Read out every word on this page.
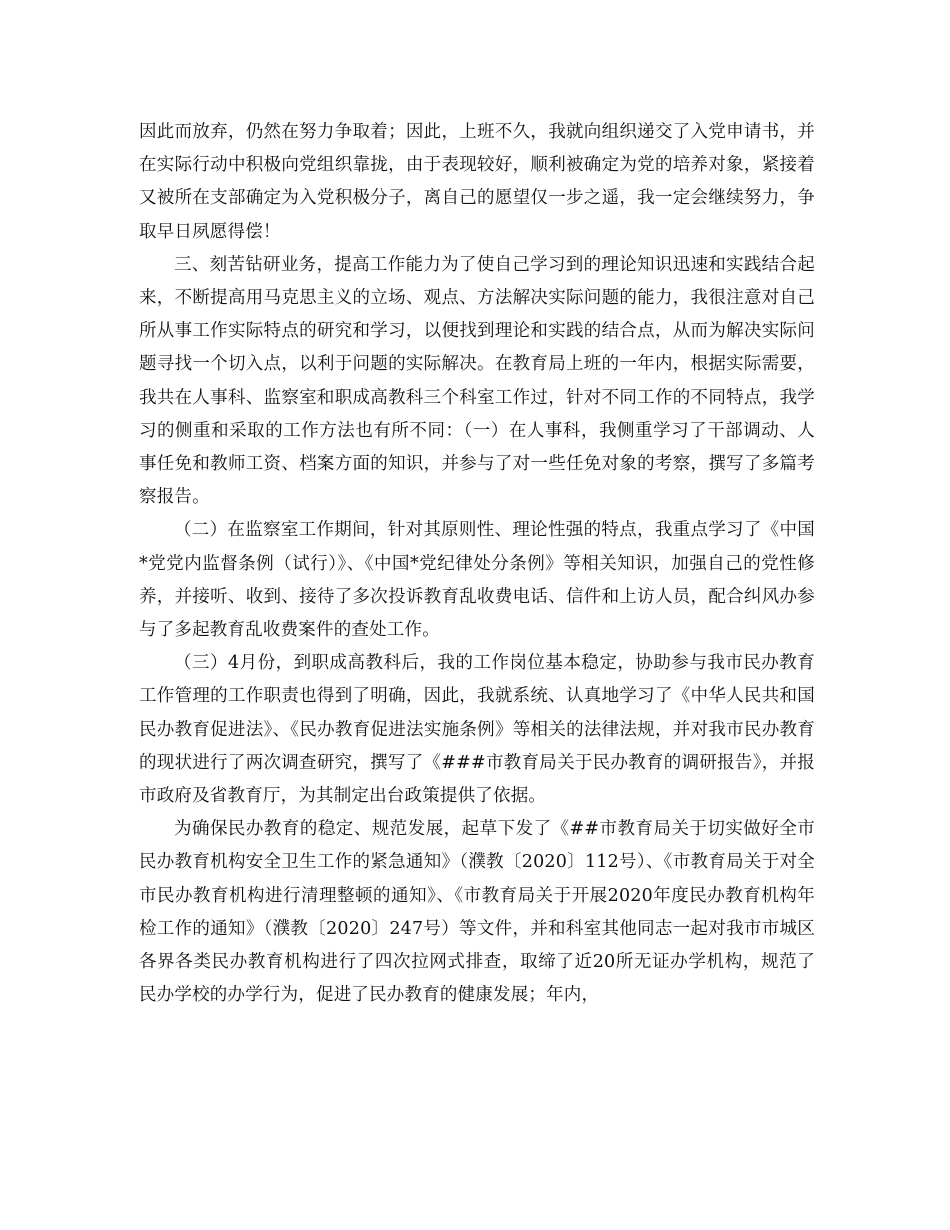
因此而放弃，仍然在努力争取着；因此，上班不久，我就向组织递交了入党申请书，并在实际行动中积极向党组织靠拢，由于表现较好，顺利被确定为党的培养对象，紧接着又被所在支部确定为入党积极分子，离自己的愿望仅一步之遥，我一定会继续努力，争取早日夙愿得偿！

三、刻苦钻研业务，提高工作能力为了使自己学习到的理论知识迅速和实践结合起来，不断提高用马克思主义的立场、观点、方法解决实际问题的能力，我很注意对自己所从事工作实际特点的研究和学习，以便找到理论和实践的结合点，从而为解决实际问题寻找一个切入点，以利于问题的实际解决。在教育局上班的一年内，根据实际需要，我共在人事科、监察室和职成高教科三个科室工作过，针对不同工作的不同特点，我学习的侧重和采取的工作方法也有所不同：（一）在人事科，我侧重学习了干部调动、人事任免和教师工资、档案方面的知识，并参与了对一些任免对象的考察，撰写了多篇考察报告。

（二）在监察室工作期间，针对其原则性、理论性强的特点，我重点学习了《中国*党党内监督条例（试行）》、《中国*党纪律处分条例》等相关知识，加强自己的党性修养，并接听、收到、接待了多次投诉教育乱收费电话、信件和上访人员，配合纠风办参与了多起教育乱收费案件的查处工作。

（三）4月份，到职成高教科后，我的工作岗位基本稳定，协助参与我市民办教育工作管理的工作职责也得到了明确，因此，我就系统、认真地学习了《中华人民共和国民办教育促进法》、《民办教育促进法实施条例》等相关的法律法规，并对我市民办教育的现状进行了两次调查研究，撰写了《###市教育局关于民办教育的调研报告》，并报市政府及省教育厅，为其制定出台政策提供了依据。

为确保民办教育的稳定、规范发展，起草下发了《##市教育局关于切实做好全市民办教育机构安全卫生工作的紧急通知》（濮教〔2020〕112号）、《市教育局关于对全市民办教育机构进行清理整顿的通知》、《市教育局关于开展2020年度民办教育机构年检工作的通知》（濮教〔2020〕247号）等文件，并和科室其他同志一起对我市市城区各界各类民办教育机构进行了四次拉网式排查，取缔了近20所无证办学机构，规范了民办学校的办学行为，促进了民办教育的健康发展；年内，
